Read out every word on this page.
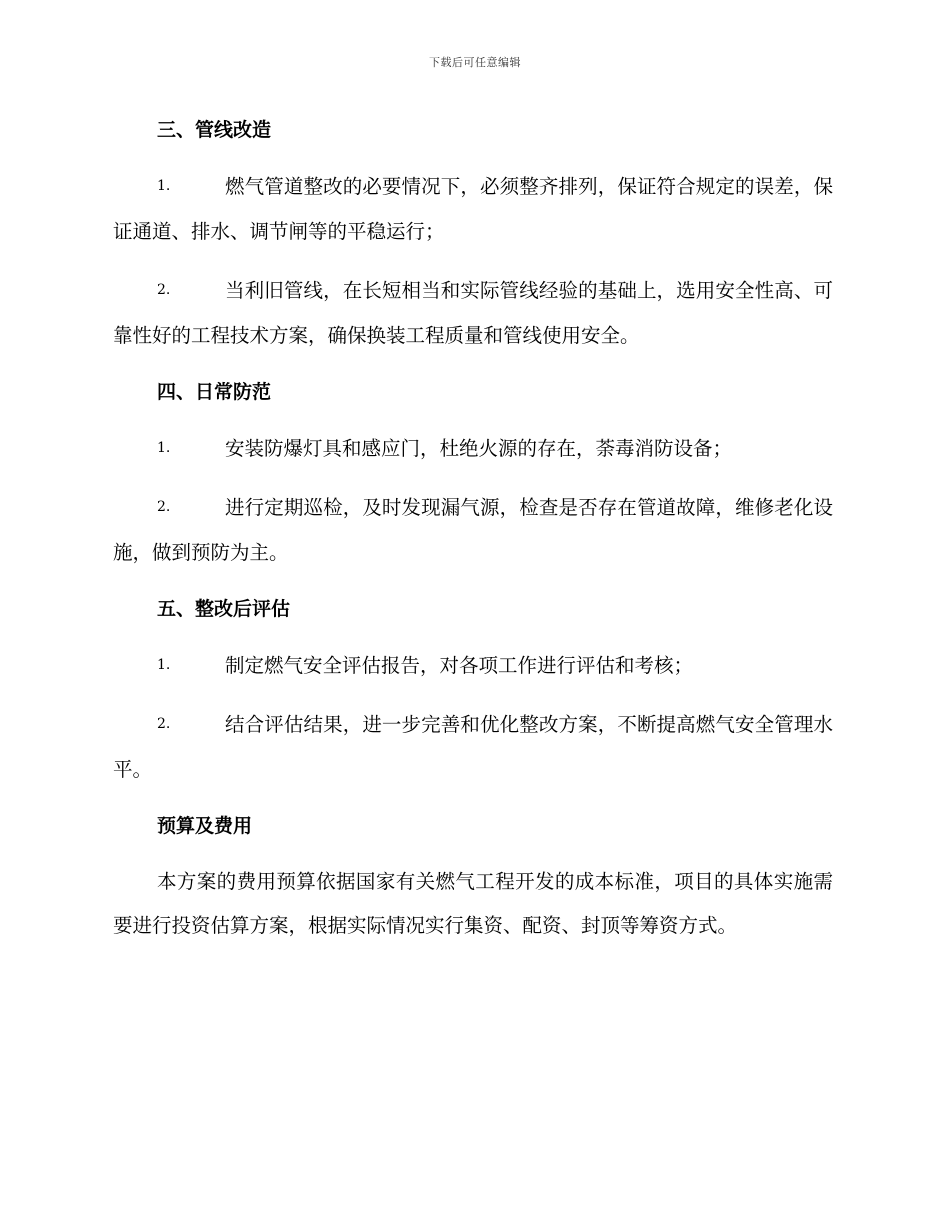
下载后可任意编辑
三、管线改造

1.	燃气管道整改的必要情况下，必须整齐排列，保证符合规定的误差，保证通道、排水、调节闸等的平稳运行；

2.	当利旧管线，在长短相当和实际管线经验的基础上，选用安全性高、可靠性好的工程技术方案，确保换装工程质量和管线使用安全。

四、日常防范

1.	安装防爆灯具和感应门，杜绝火源的存在，荼毒消防设备；

2.	进行定期巡检，及时发现漏气源，检查是否存在管道故障，维修老化设施，做到预防为主。

五、整改后评估

1.	制定燃气安全评估报告，对各项工作进行评估和考核；

2.	结合评估结果，进一步完善和优化整改方案，不断提高燃气安全管理水平。

预算及费用

本方案的费用预算依据国家有关燃气工程开发的成本标准，项目的具体实施需要进行投资估算方案，根据实际情况实行集资、配资、封顶等筹资方式。
